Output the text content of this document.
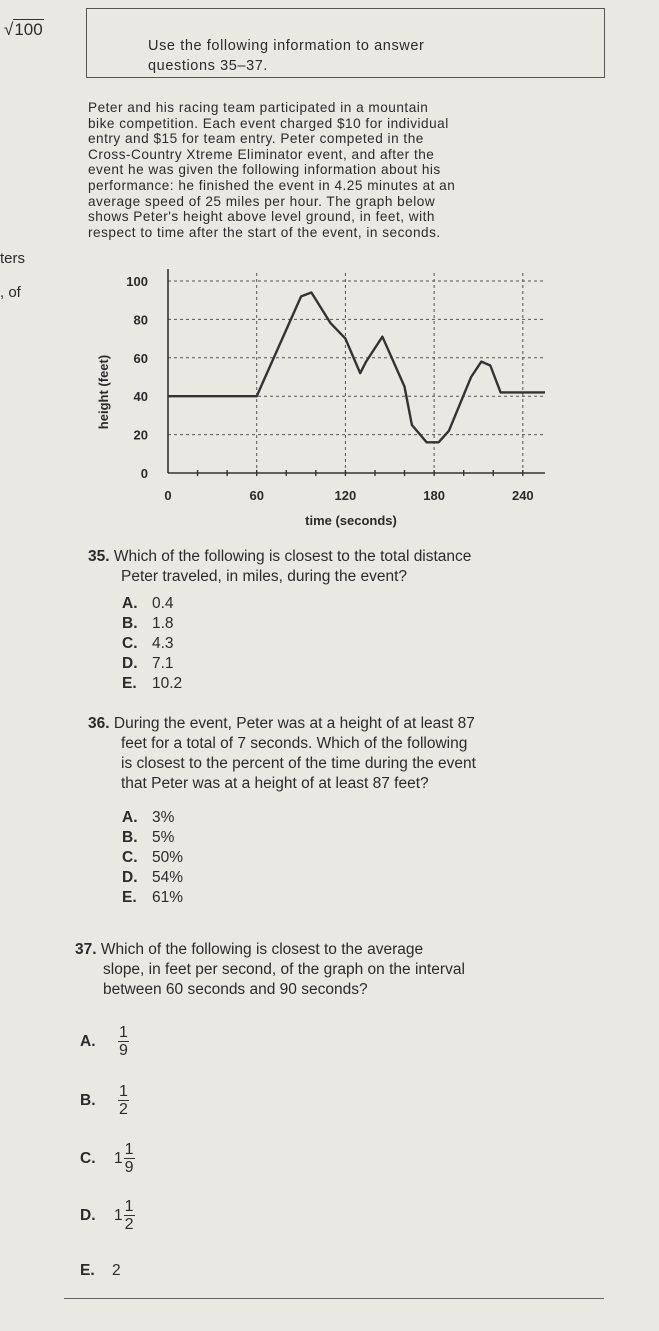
√100
ters
, of
Use the following information to answer
questions 35–37.
Peter and his racing team participated in a mountain
bike competition. Each event charged $10 for individual
entry and $15 for team entry. Peter competed in the
Cross-Country Xtreme Eliminator event, and after the
event he was given the following information about his
performance: he finished the event in 4.25 minutes at an
average speed of 25 miles per hour. The graph below
shows Peter's height above level ground, in feet, with
respect to time after the start of the event, in seconds.
0
20
40
60
80
100
0	60	120	180	240
height (feet)
time (seconds)
35. Which of the following is closest to the total distance
Peter traveled, in miles, during the event?
A. 0.4
B. 1.8
C. 4.3
D. 7.1
E. 10.2
36. During the event, Peter was at a height of at least 87
feet for a total of 7 seconds. Which of the following
is closest to the percent of the time during the event
that Peter was at a height of at least 87 feet?
A. 3%
B. 5%
C. 50%
D. 54%
E. 61%
37. Which of the following is closest to the average
slope, in feet per second, of the graph on the interval
between 60 seconds and 90 seconds?
A. $\frac{1}{9}$
B. $\frac{1}{2}$
C. $1 \frac{1}{9}$
D. $1 \frac{1}{2}$
E. 2
